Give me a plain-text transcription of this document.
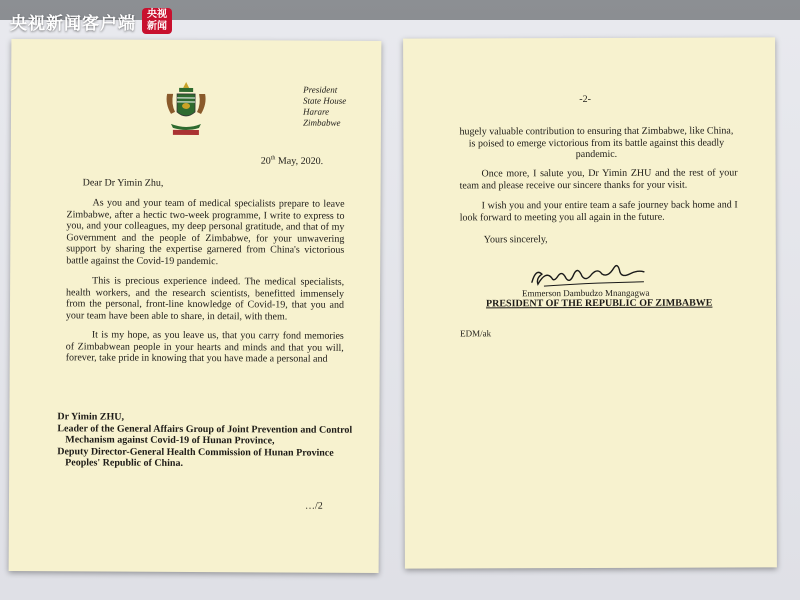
央视新闻客户端 央视
新闻
President
State House
Harare
Zimbabwe
20th May, 2020.
Dear Dr Yimin Zhu,
As you and your team of medical specialists prepare to leave Zimbabwe, after a hectic two-week programme, I write to express to you, and your colleagues, my deep personal gratitude, and that of my Government and the people of Zimbabwe, for your unwavering support by sharing the expertise garnered from China's victorious battle against the Covid-19 pandemic.
This is precious experience indeed. The medical specialists, health workers, and the research scientists, benefitted immensely from the personal, front-line knowledge of Covid-19, that you and your team have been able to share, in detail, with them.
It is my hope, as you leave us, that you carry fond memories of Zimbabwean people in your hearts and minds and that you will, forever, take pride in knowing that you have made a personal and
Dr Yimin ZHU,
Leader of the General Affairs Group of Joint Prevention and Control
Mechanism against Covid-19 of Hunan Province,
Deputy Director-General Health Commission of Hunan Province
Peoples' Republic of China.
…/2
-2-
hugely valuable contribution to ensuring that Zimbabwe, like China, is poised to emerge victorious from its battle against this deadly pandemic.
Once more, I salute you, Dr Yimin ZHU and the rest of your team and please receive our sincere thanks for your visit.
I wish you and your entire team a safe journey back home and I look forward to meeting you all again in the future.
Yours sincerely,
Emmerson Dambudzo Mnangagwa
PRESIDENT OF THE REPUBLIC OF ZIMBABWE
EDM/ak
